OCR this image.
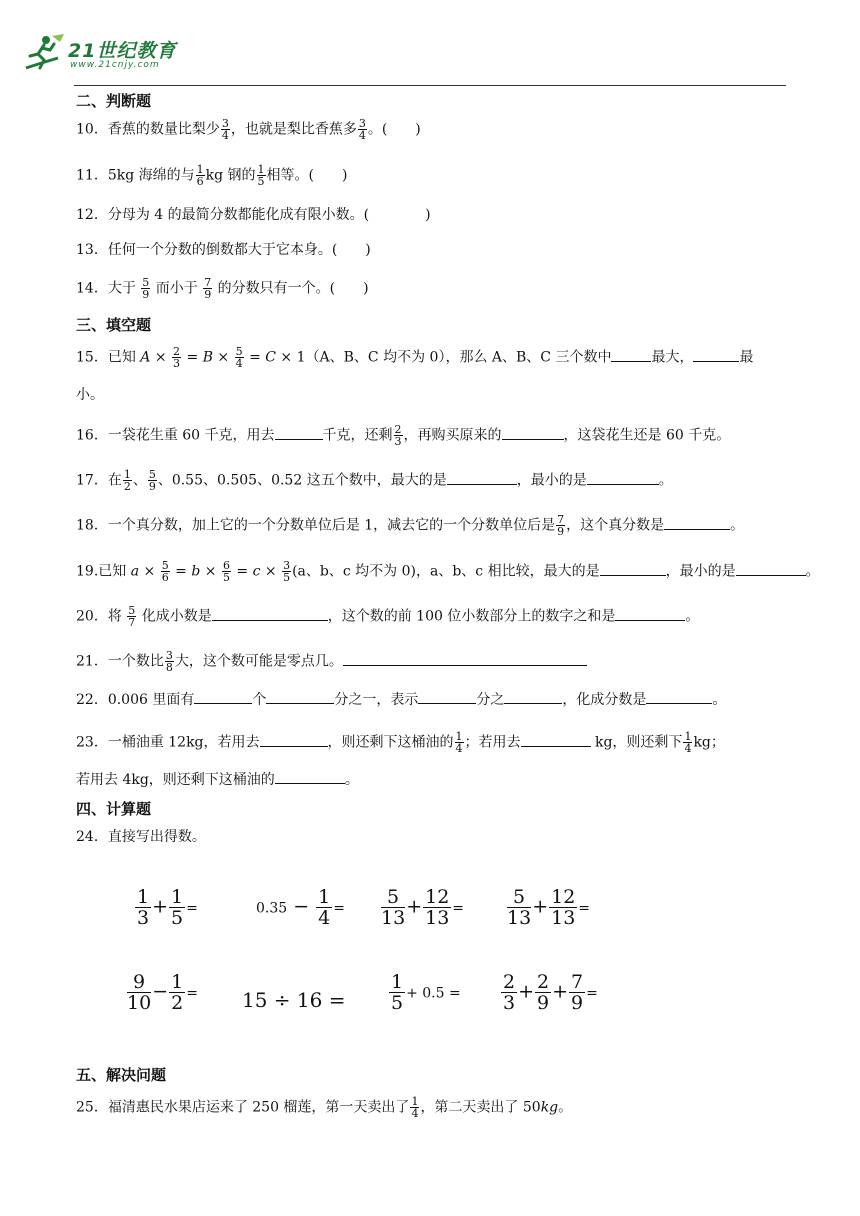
21世纪教育
www.21cnjy.com
二、判断题
10．香蕉的数量比梨少 $\frac{3}{4}$ ，也就是梨比香蕉多 $\frac{3}{4}$ 。(　　)
11．5kg 海绵的与 $\frac{1}{6}$ kg 钢的 $\frac{1}{5}$ 相等。(　　)
12．分母为 4 的最简分数都能化成有限小数。(　　　　)
13．任何一个分数的倒数都大于它本身。(　　)
14．大于 $\frac{5}{9}$ 而小于 $\frac{7}{9}$ 的分数只有一个。(　　)
三、填空题
15．已知 $A \times \frac{2}{3} = B \times \frac{5}{4} = C \times 1(A$、B、C 均不为 0），那么 A、B、C 三个数中	最大，	最
小。
16．一袋花生重 60 千克，用去	千克，还剩 $\frac{2}{3}$ ，再购买原来的	，这袋花生还是 60 千克。
17．在 $\frac{1}{2}$ 、 $\frac{5}{9}$ 、0.55、0.505、0.52 这五个数中，最大的是	，最小的是	。
18．一个真分数，加上它的一个分数单位后是 1，减去它的一个分数单位后是 $\frac{7}{9}$ ，这个真分数是	。
19.已知 $a \times \frac{5}{6} = b \times \frac{6}{5} = c \times \frac{3}{5} (a$、b、c 均不为 0)，a、b、c 相比较，最大的是	，最小的是	。
20．将 $\frac{5}{7}$ 化成小数是	，这个数的前 100 位小数部分上的数字之和是	。
21．一个数比 $\frac{3}{8}$ 大，这个数可能是零点几。
22．0.006 里面有	个	分之一，表示	分之	，化成分数是	。
23．一桶油重 12kg，若用去	，则还剩下这桶油的 $\frac{1}{4}$ ；若用去	kg，则还剩下 $\frac{1}{4}$ kg；
若用去 4kg，则还剩下这桶油的	。
四、计算题
24．直接写出得数。
$\frac{1}{3} + \frac{1}{5}$ =	$0.35 - \frac{1}{4} = \frac{5}{13} + \frac{12}{13} = \frac{5}{13} + \frac{12}{13}$ =
$\frac{9}{10} - \frac{1}{2} = 15 \div 16 = \frac{1}{5} + 0.5 = \frac{2}{3} + \frac{2}{9} + \frac{7}{9}$ =
五、解决问题
25．福清惠民水果店运来了 250 榴莲，第一天卖出了 $\frac{1}{4}$ ，第二天卖出了 50kg。
